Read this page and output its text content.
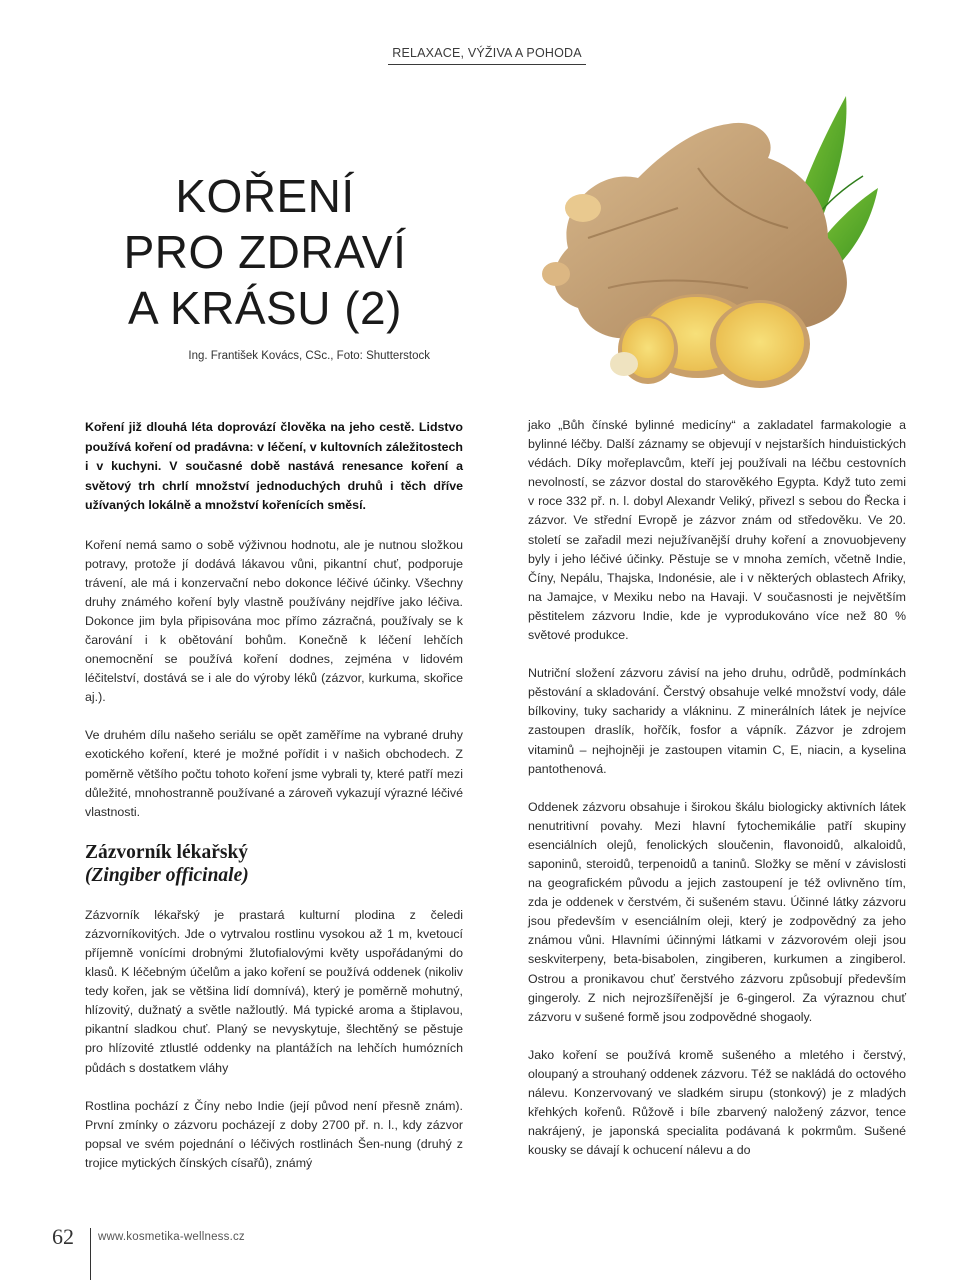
RELAXACE, VÝŽIVA A POHODA
KOŘENÍ
PRO ZDRAVÍ
A KRÁSU (2)
Ing. František Kovács, CSc., Foto: Shutterstock

Koření již dlouhá léta doprovází člověka na jeho cestě. Lidstvo používá koření od pradávna: v léčení, v kultovních záležitostech i v kuchyni. V současné době nastává renesance koření a světový trh chrlí množství jednoduchých druhů i těch dříve užívaných lokálně a množství kořenících směsí.

Koření nemá samo o sobě výživnou hodnotu, ale je nutnou složkou potravy, protože jí dodává lákavou vůni, pikantní chuť, podporuje trávení, ale má i konzervační nebo dokonce léčivé účinky. Všechny druhy známého koření byly vlastně používány nejdříve jako léčiva. Dokonce jim byla připisována moc přímo zázračná, používaly se k čarování i k obětování bohům. Konečně k léčení lehčích onemocnění se používá koření dodnes, zejména v lidovém léčitelství, dostává se i ale do výroby léků (zázvor, kurkuma, skořice aj.).

Ve druhém dílu našeho seriálu se opět zaměříme na vybrané druhy exotického koření, které je možné pořídit i v našich obchodech. Z poměrně většího počtu tohoto koření jsme vybrali ty, které patří mezi důležité, mnohostranně používané a zároveň vykazují výrazné léčivé vlastnosti.

Zázvorník lékařský
(Zingiber officinale)

Zázvorník lékařský je prastará kulturní plodina z čeledi zázvorníkovitých. Jde o vytrvalou rostlinu vysokou až 1 m, kvetoucí příjemně vonícími drobnými žlutofialovými květy uspořádanými do klasů. K léčebným účelům a jako koření se používá oddenek (nikoliv tedy kořen, jak se většina lidí domnívá), který je poměrně mohutný, hlízovitý, dužnatý a světle nažloutlý. Má typické aroma a štiplavou, pikantní sladkou chuť. Planý se nevyskytuje, šlechtěný se pěstuje pro hlízovité ztlustlé oddenky na plantážích na lehčích humózních půdách s dostatkem vláhy

Rostlina pochází z Číny nebo Indie (její původ není přesně znám). První zmínky o zázvoru pocházejí z doby 2700 př. n. l., kdy zázvor popsal ve svém pojednání o léčivých rostlinách Šen-nung (druhý z trojice mytických čínských císařů), známý

jako „Bůh čínské bylinné medicíny“ a zakladatel farmakologie a bylinné léčby. Další záznamy se objevují v nejstarších hinduistických védách. Díky mořeplavcům, kteří jej používali na léčbu cestovních nevolností, se zázvor dostal do starověkého Egypta. Když tuto zemi v roce 332 př. n. l. dobyl Alexandr Veliký, přivezl s sebou do Řecka i zázvor. Ve střední Evropě je zázvor znám od středověku. Ve 20. století se zařadil mezi nejužívanější druhy koření a znovuobjeveny byly i jeho léčivé účinky. Pěstuje se v mnoha zemích, včetně Indie, Číny, Nepálu, Thajska, Indonésie, ale i v některých oblastech Afriky, na Jamajce, v Mexiku nebo na Havaji. V současnosti je největším pěstitelem zázvoru Indie, kde je vyprodukováno více než 80 % světové produkce.

Nutriční složení zázvoru závisí na jeho druhu, odrůdě, podmínkách pěstování a skladování. Čerstvý obsahuje velké množství vody, dále bílkoviny, tuky sacharidy a vlákninu. Z minerálních látek je nejvíce zastoupen draslík, hořčík, fosfor a vápník. Zázvor je zdrojem vitaminů – nejhojněji je zastoupen vitamin C, E, niacin, a kyselina pantothenová.

Oddenek zázvoru obsahuje i širokou škálu biologicky aktivních látek nenutritivní povahy. Mezi hlavní fytochemikálie patří skupiny esenciálních olejů, fenolických sloučenin, flavonoidů, alkaloidů, saponinů, steroidů, terpenoidů a taninů. Složky se mění v závislosti na geografickém původu a jejich zastoupení je též ovlivněno tím, zda je oddenek v čerstvém, či sušeném stavu. Účinné látky zázvoru jsou především v esenciálním oleji, který je zodpovědný za jeho známou vůni. Hlavními účinnými látkami v zázvorovém oleji jsou seskviterpeny, beta-bisabolen, zingiberen, kurkumen a zingiberol. Ostrou a pronikavou chuť čerstvého zázvoru způsobují především gingeroly. Z nich nejrozšířenější je 6-gingerol. Za výraznou chuť zázvoru v sušené formě jsou zodpovědné shogaoly.

Jako koření se používá kromě sušeného a mletého i čerstvý, oloupaný a strouhaný oddenek zázvoru. Též se nakládá do octového nálevu. Konzervovaný ve sladkém sirupu (stonkový) je z mladých křehkých kořenů. Růžově i bíle zbarvený naložený zázvor, tence nakrájený, je japonská specialita podávaná k pokrmům. Sušené kousky se dávají k ochucení nálevu a do

62 www.kosmetika-wellness.cz
